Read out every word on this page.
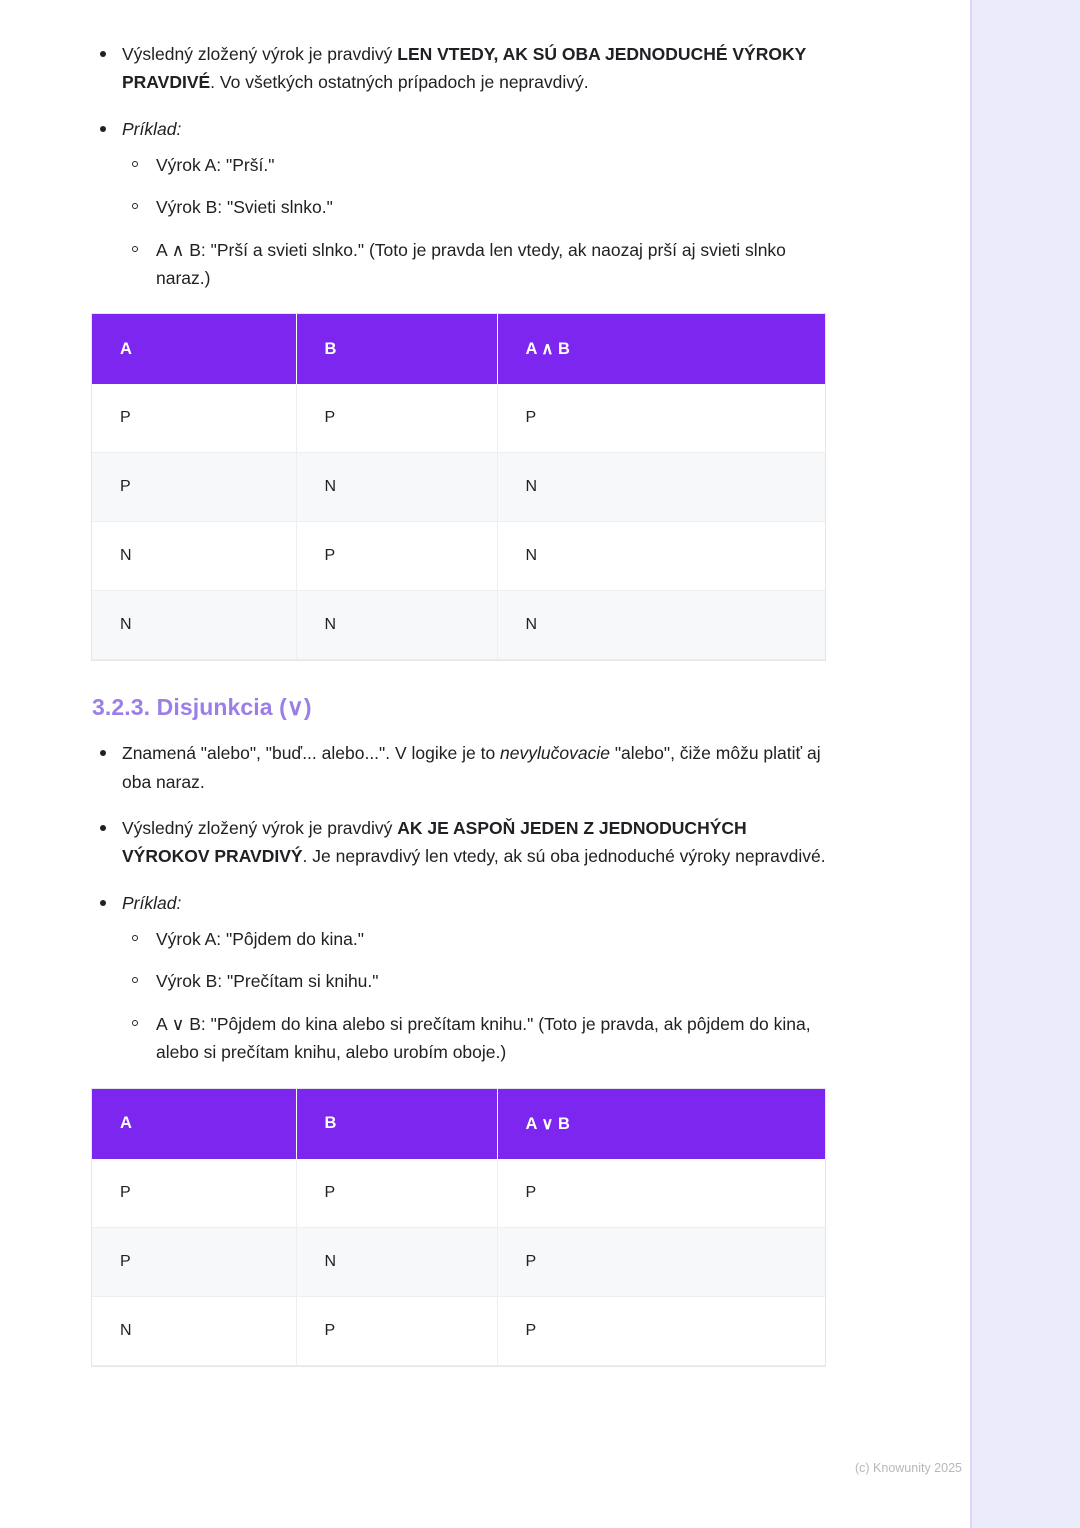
Výsledný zložený výrok je pravdivý LEN VTEDY, AK SÚ OBA JEDNODUCHÉ VÝROKY PRAVDIVÉ. Vo všetkých ostatných prípadoch je nepravdivý.
Príklad:
Výrok A: "Prší."
Výrok B: "Svieti slnko."
A ∧ B: "Prší a svieti slnko." (Toto je pravda len vtedy, ak naozaj prší aj svieti slnko naraz.)
A	B	A ∧ B
P	P	P
P	N	N
N	P	N
N	N	N
3.2.3. Disjunkcia (∨)
Znamená "alebo", "buď... alebo...". V logike je to nevylučovacie "alebo", čiže môžu platiť aj oba naraz.
Výsledný zložený výrok je pravdivý AK JE ASPOŇ JEDEN Z JEDNODUCHÝCH VÝROKOV PRAVDIVÝ. Je nepravdivý len vtedy, ak sú oba jednoduché výroky nepravdivé.
Príklad:
Výrok A: "Pôjdem do kina."
Výrok B: "Prečítam si knihu."
A ∨ B: "Pôjdem do kina alebo si prečítam knihu." (Toto je pravda, ak pôjdem do kina, alebo si prečítam knihu, alebo urobím oboje.)
A	B	A ∨ B
P	P	P
P	N	P
N	P	P
(c) Knowunity 2025
